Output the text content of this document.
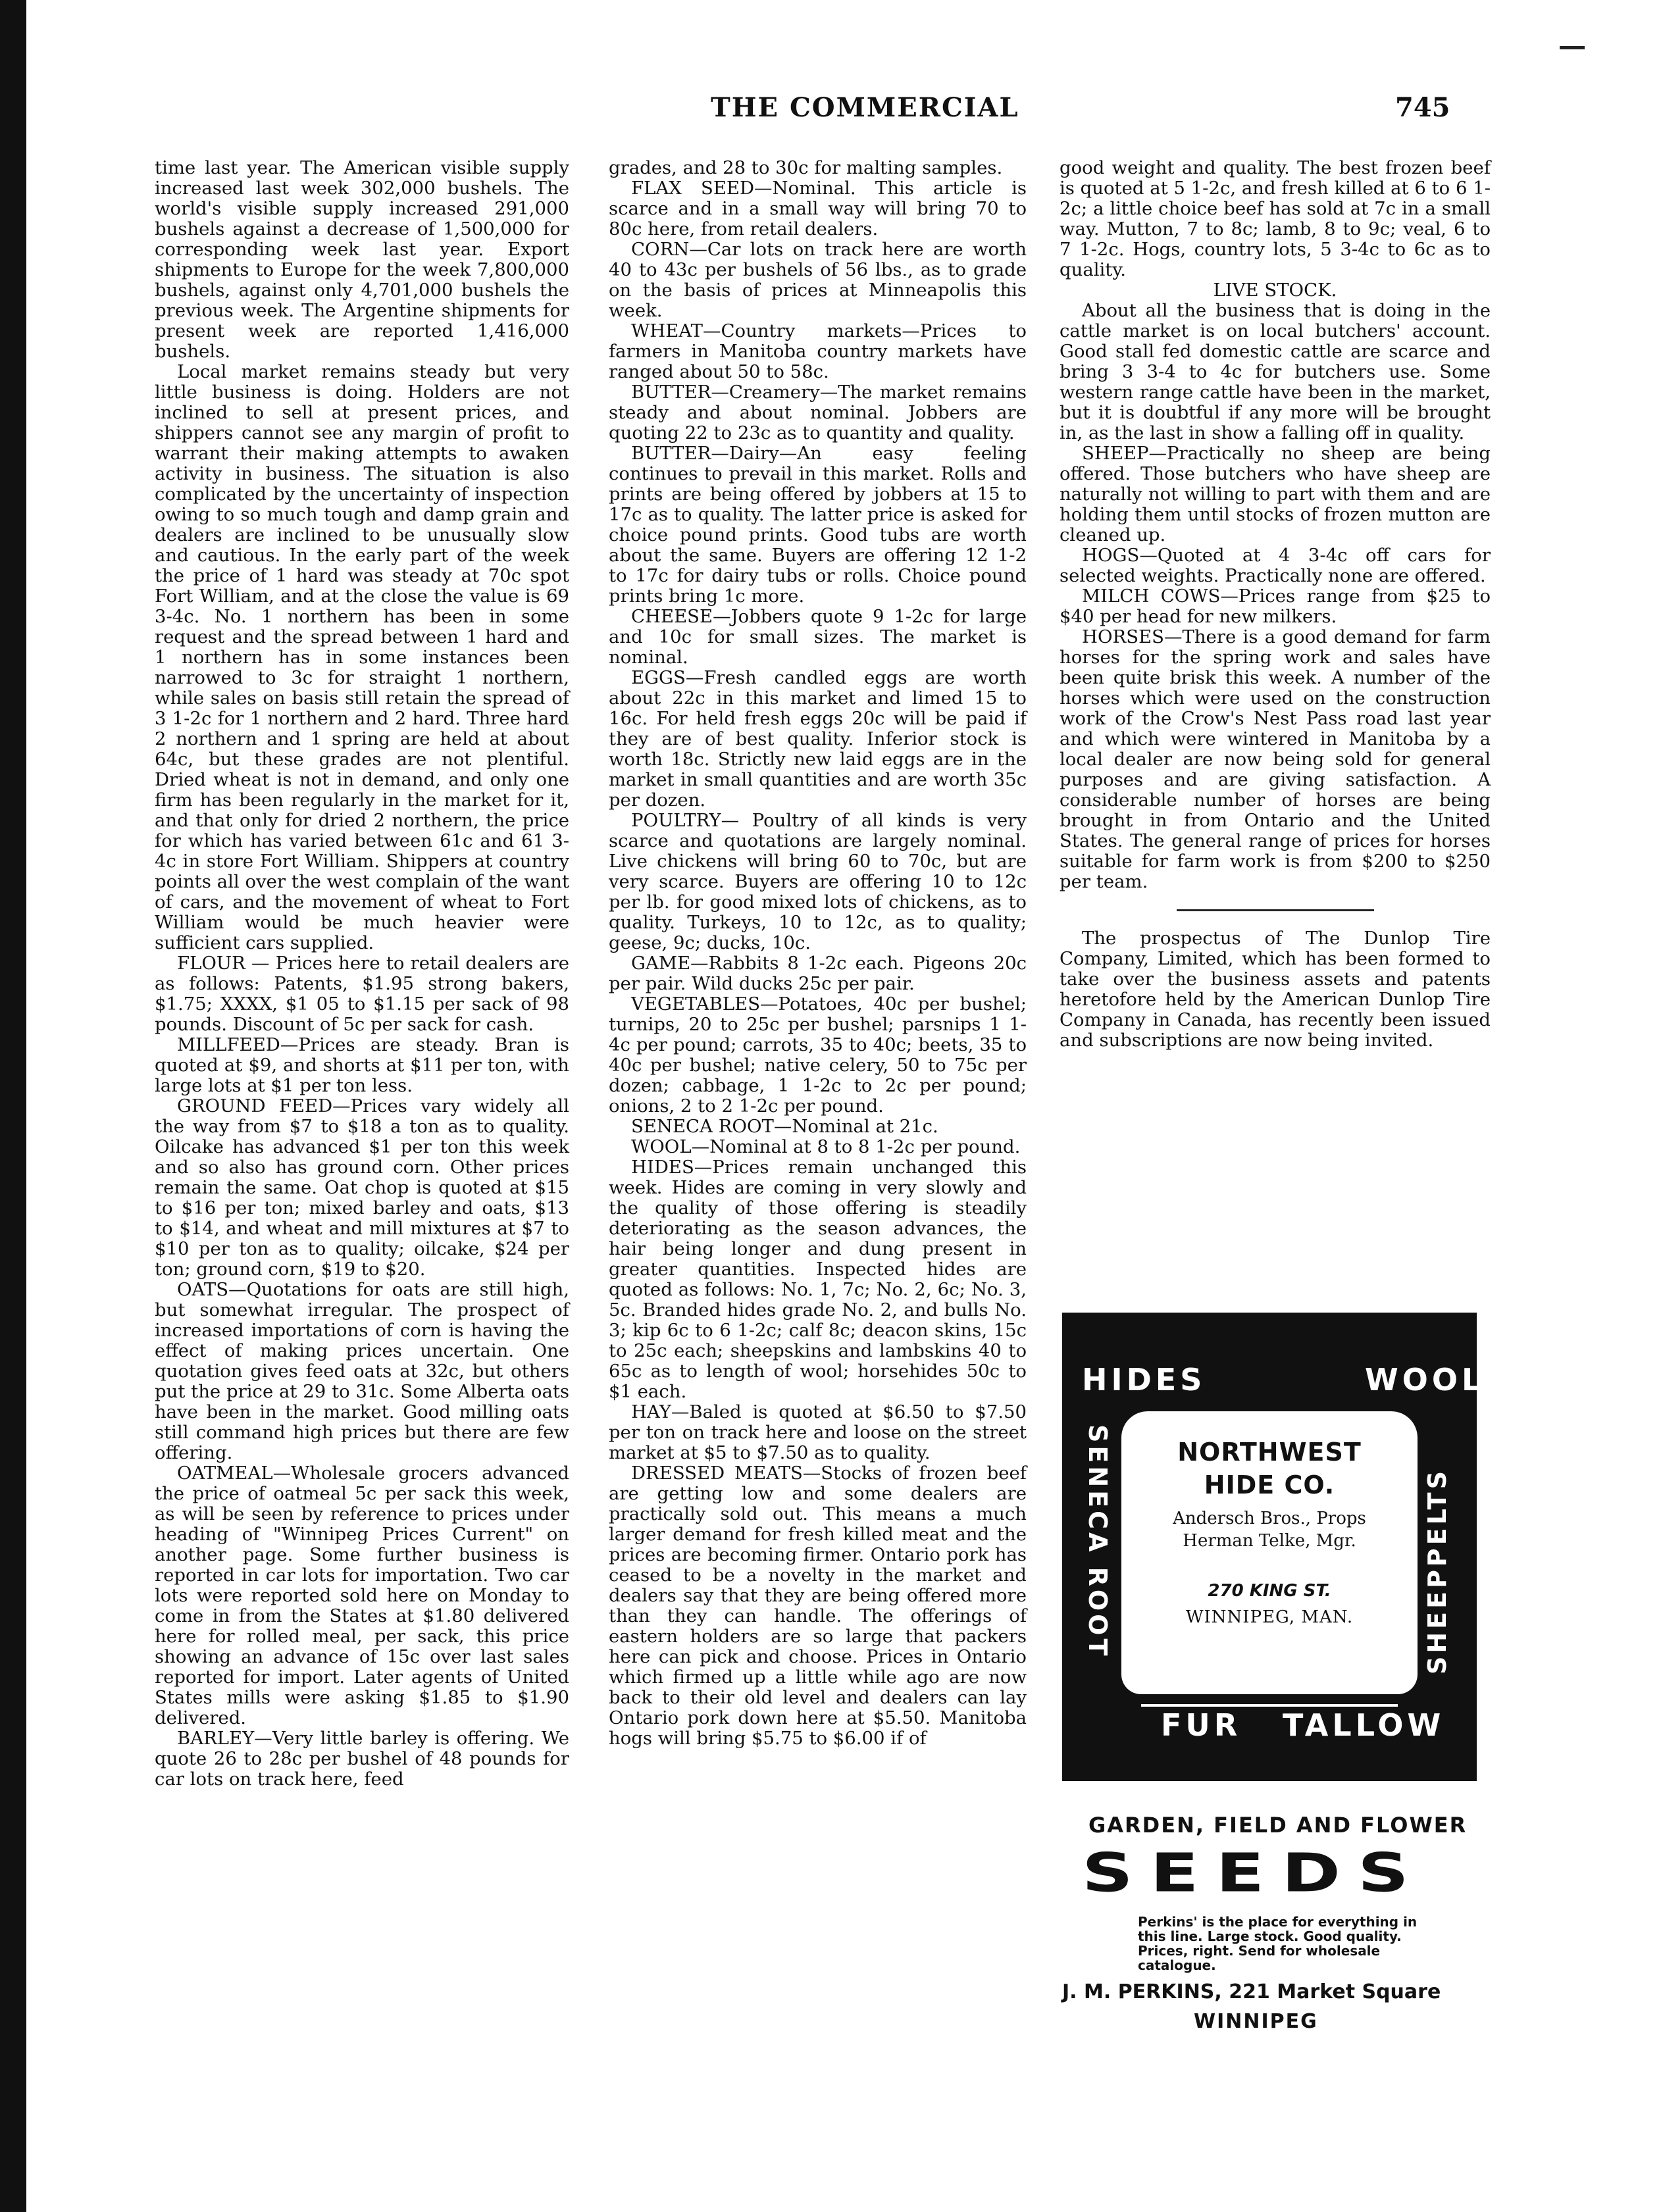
THE COMMERCIAL	745

time last year. The American visible supply increased last week 302,000 bushels. The world's visible supply increased 291,000 bushels against a decrease of 1,500,000 for corresponding week last year. Export shipments to Europe for the week 7,800,000 bushels, against only 4,701,000 bushels the previous week. The Argentine shipments for present week are reported 1,416,000 bushels.

Local market remains steady but very little business is doing. Holders are not inclined to sell at present prices, and shippers cannot see any margin of profit to warrant their making attempts to awaken activity in business. The situation is also complicated by the uncertainty of inspection owing to so much tough and damp grain and dealers are inclined to be unusually slow and cautious. In the early part of the week the price of 1 hard was steady at 70c spot Fort William, and at the close the value is 69 3-4c. No. 1 northern has been in some request and the spread between 1 hard and 1 northern has in some instances been narrowed to 3c for straight 1 northern, while sales on basis still retain the spread of 3 1-2c for 1 northern and 2 hard. Three hard 2 northern and 1 spring are held at about 64c, but these grades are not plentiful. Dried wheat is not in demand, and only one firm has been regularly in the market for it, and that only for dried 2 northern, the price for which has varied between 61c and 61 3-4c in store Fort William. Shippers at country points all over the west complain of the want of cars, and the movement of wheat to Fort William would be much heavier were sufficient cars supplied.

FLOUR — Prices here to retail dealers are as follows: Patents, $1.95 strong bakers, $1.75; XXXX, $1 05 to $1.15 per sack of 98 pounds. Discount of 5c per sack for cash.

MILLFEED—Prices are steady. Bran is quoted at $9, and shorts at $11 per ton, with large lots at $1 per ton less.

GROUND FEED—Prices vary widely all the way from $7 to $18 a ton as to quality. Oilcake has advanced $1 per ton this week and so also has ground corn. Other prices remain the same. Oat chop is quoted at $15 to $16 per ton; mixed barley and oats, $13 to $14, and wheat and mill mixtures at $7 to $10 per ton as to quality; oilcake, $24 per ton; ground corn, $19 to $20.

OATS—Quotations for oats are still high, but somewhat irregular. The prospect of increased importations of corn is having the effect of making prices uncertain. One quotation gives feed oats at 32c, but others put the price at 29 to 31c. Some Alberta oats have been in the market. Good milling oats still command high prices but there are few offering.

OATMEAL—Wholesale grocers advanced the price of oatmeal 5c per sack this week, as will be seen by reference to prices under heading of "Winnipeg Prices Current" on another page. Some further business is reported in car lots for importation. Two car lots were reported sold here on Monday to come in from the States at $1.80 delivered here for rolled meal, per sack, this price showing an advance of 15c over last sales reported for import. Later agents of United States mills were asking $1.85 to $1.90 delivered.

BARLEY—Very little barley is offering. We quote 26 to 28c per bushel of 48 pounds for car lots on track here, feed

grades, and 28 to 30c for malting samples.

FLAX SEED—Nominal. This article is scarce and in a small way will bring 70 to 80c here, from retail dealers.

CORN—Car lots on track here are worth 40 to 43c per bushels of 56 lbs., as to grade on the basis of prices at Minneapolis this week.

WHEAT—Country markets—Prices to farmers in Manitoba country markets have ranged about 50 to 58c.

BUTTER—Creamery—The market remains steady and about nominal. Jobbers are quoting 22 to 23c as to quantity and quality.

BUTTER—Dairy—An easy feeling continues to prevail in this market. Rolls and prints are being offered by jobbers at 15 to 17c as to quality. The latter price is asked for choice pound prints. Good tubs are worth about the same. Buyers are offering 12 1-2 to 17c for dairy tubs or rolls. Choice pound prints bring 1c more.

CHEESE—Jobbers quote 9 1-2c for large and 10c for small sizes. The market is nominal.

EGGS—Fresh candled eggs are worth about 22c in this market and limed 15 to 16c. For held fresh eggs 20c will be paid if they are of best quality. Inferior stock is worth 18c. Strictly new laid eggs are in the market in small quantities and are worth 35c per dozen.

POULTRY— Poultry of all kinds is very scarce and quotations are largely nominal. Live chickens will bring 60 to 70c, but are very scarce. Buyers are offering 10 to 12c per lb. for good mixed lots of chickens, as to quality. Turkeys, 10 to 12c, as to quality; geese, 9c; ducks, 10c.

GAME—Rabbits 8 1-2c each. Pigeons 20c per pair. Wild ducks 25c per pair.

VEGETABLES—Potatoes, 40c per bushel; turnips, 20 to 25c per bushel; parsnips 1 1-4c per pound; carrots, 35 to 40c; beets, 35 to 40c per bushel; native celery, 50 to 75c per dozen; cabbage, 1 1-2c to 2c per pound; onions, 2 to 2 1-2c per pound.

SENECA ROOT—Nominal at 21c.

WOOL—Nominal at 8 to 8 1-2c per pound.

HIDES—Prices remain unchanged this week. Hides are coming in very slowly and the quality of those offering is steadily deteriorating as the season advances, the hair being longer and dung present in greater quantities. Inspected hides are quoted as follows: No. 1, 7c; No. 2, 6c; No. 3, 5c. Branded hides grade No. 2, and bulls No. 3; kip 6c to 6 1-2c; calf 8c; deacon skins, 15c to 25c each; sheepskins and lambskins 40 to 65c as to length of wool; horsehides 50c to $1 each.

HAY—Baled is quoted at $6.50 to $7.50 per ton on track here and loose on the street market at $5 to $7.50 as to quality.

DRESSED MEATS—Stocks of frozen beef are getting low and some dealers are practically sold out. This means a much larger demand for fresh killed meat and the prices are becoming firmer. Ontario pork has ceased to be a novelty in the market and dealers say that they are being offered more than they can handle. The offerings of eastern holders are so large that packers here can pick and choose. Prices in Ontario which firmed up a little while ago are now back to their old level and dealers can lay Ontario pork down here at $5.50. Manitoba hogs will bring $5.75 to $6.00 if of

good weight and quality. The best frozen beef is quoted at 5 1-2c, and fresh killed at 6 to 6 1-2c; a little choice beef has sold at 7c in a small way. Mutton, 7 to 8c; lamb, 8 to 9c; veal, 6 to 7 1-2c. Hogs, country lots, 5 3-4c to 6c as to quality.

LIVE STOCK.

About all the business that is doing in the cattle market is on local butchers' account. Good stall fed domestic cattle are scarce and bring 3 3-4 to 4c for butchers use. Some western range cattle have been in the market, but it is doubtful if any more will be brought in, as the last in show a falling off in quality.

SHEEP—Practically no sheep are being offered. Those butchers who have sheep are naturally not willing to part with them and are holding them until stocks of frozen mutton are cleaned up.

HOGS—Quoted at 4 3-4c off cars for selected weights. Practically none are offered.

MILCH COWS—Prices range from $25 to $40 per head for new milkers.

HORSES—There is a good demand for farm horses for the spring work and sales have been quite brisk this week. A number of the horses which were used on the construction work of the Crow's Nest Pass road last year and which were wintered in Manitoba by a local dealer are now being sold for general purposes and are giving satisfaction. A considerable number of horses are being brought in from Ontario and the United States. The general range of prices for horses suitable for farm work is from $200 to $250 per team.

The prospectus of The Dunlop Tire Company, Limited, which has been formed to take over the business assets and patents heretofore held by the American Dunlop Tire Company in Canada, has recently been issued and subscriptions are now being invited.

HIDES	WOOL
SENECA ROOT	SHEEPPELTS
NORTHWEST
HIDE CO.
Andersch Bros., Props
Herman Telke, Mgr.
270 KING ST.
WINNIPEG, MAN.
FUR TALLOW
GARDEN, FIELD AND FLOWER
SEEDS
Perkins' is the place for everything in this line. Large stock. Good quality. Prices, right. Send for wholesale catalogue.
J. M. PERKINS, 221 Market Square
WINNIPEG
